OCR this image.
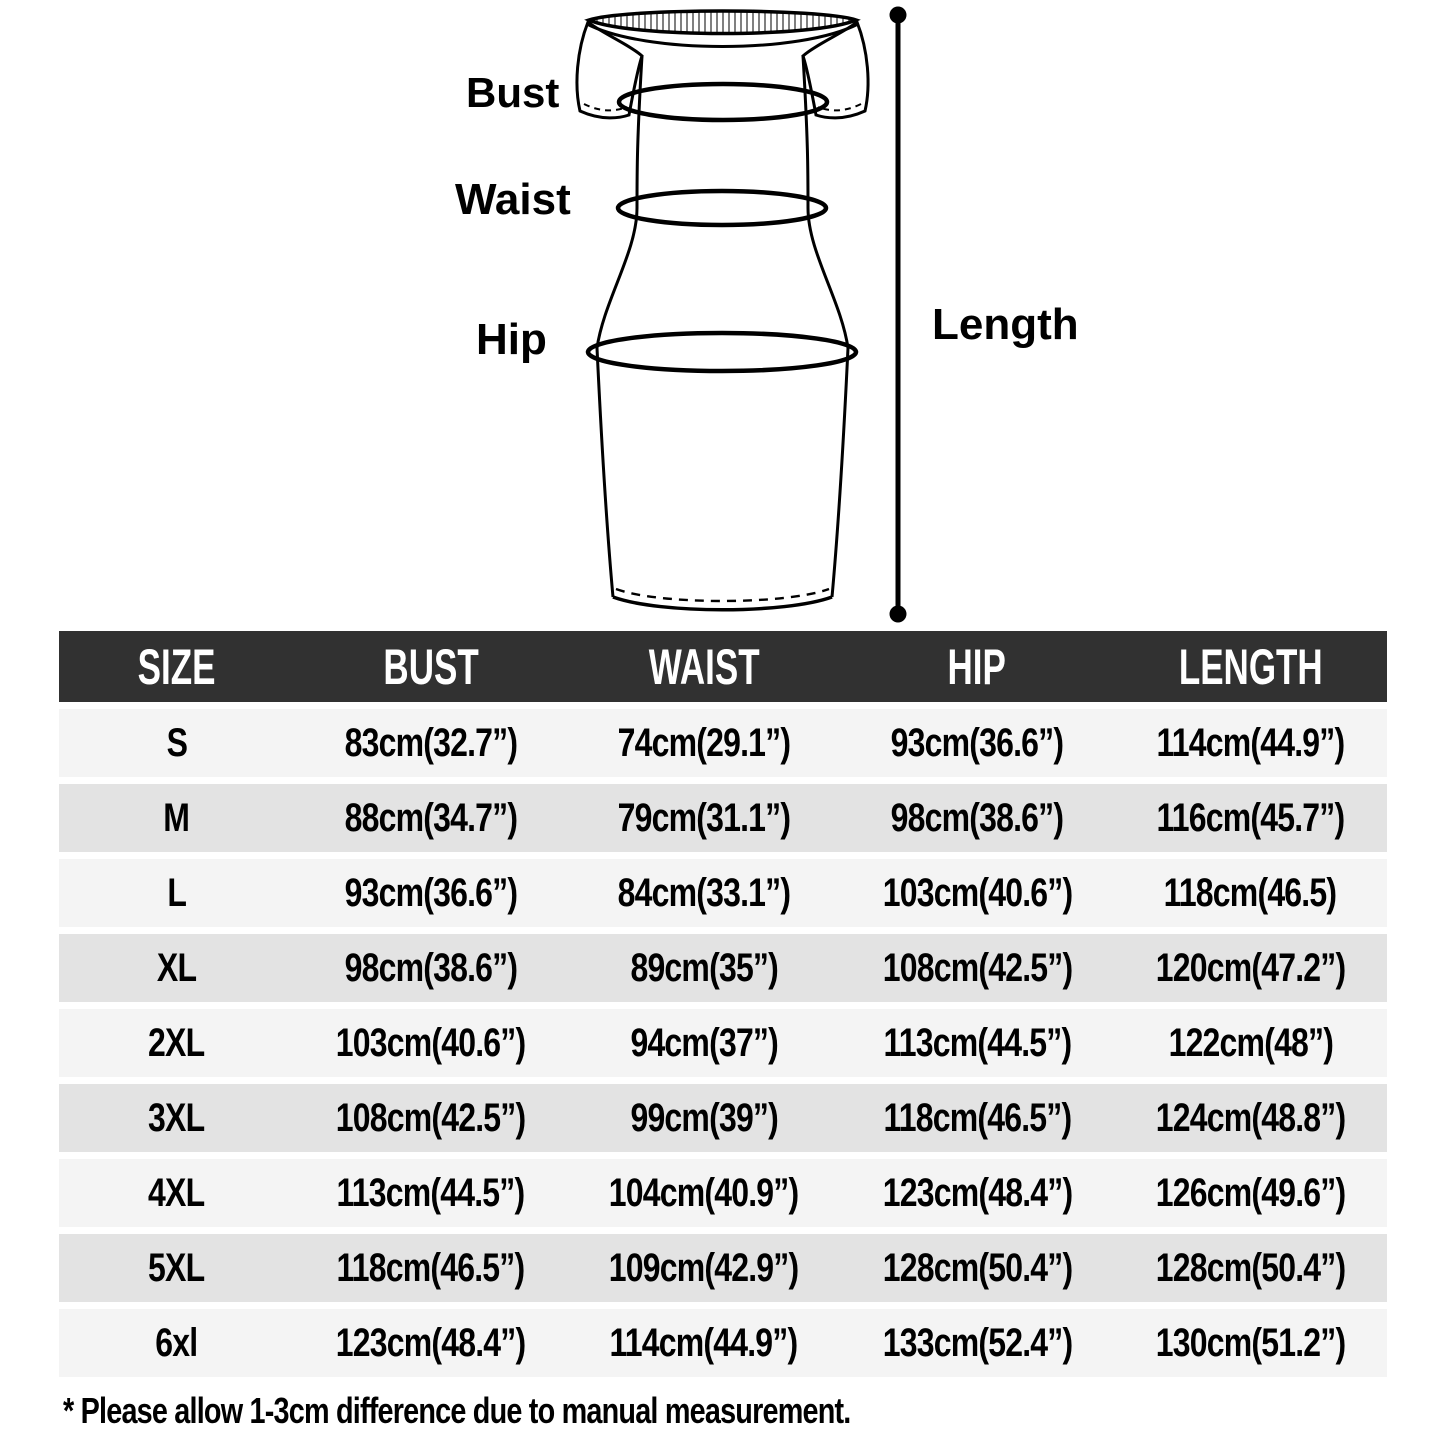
Bust
Waist
Hip	Length
SIZE	BUST	WAIST	HIP	LENGTH
S	83cm(32.7”)	74cm(29.1”)	93cm(36.6”) 114cm(44.9”)
M	88cm(34.7”)	79cm(31.1”)	98cm(38.6”) 116cm(45.7”)
L	93cm(36.6”)	84cm(33.1”) 103cm(40.6”) 118cm(46.5)
XL	98cm(38.6”)	89cm(35”)	108cm(42.5”) 120cm(47.2”)
2XL	103cm(40.6”)	94cm(37”)	113cm(44.5”) 122cm(48”)
3XL	108cm(42.5”)	99cm(39”)	118cm(46.5”) 124cm(48.8”)
4XL	113cm(44.5”) 104cm(40.9”) 123cm(48.4”) 126cm(49.6”)
5XL	118cm(46.5”) 109cm(42.9”) 128cm(50.4”) 128cm(50.4”)
6xl	123cm(48.4”) 114cm(44.9”) 133cm(52.4”) 130cm(51.2”)
* Please allow 1-3cm difference due to manual measurement.
